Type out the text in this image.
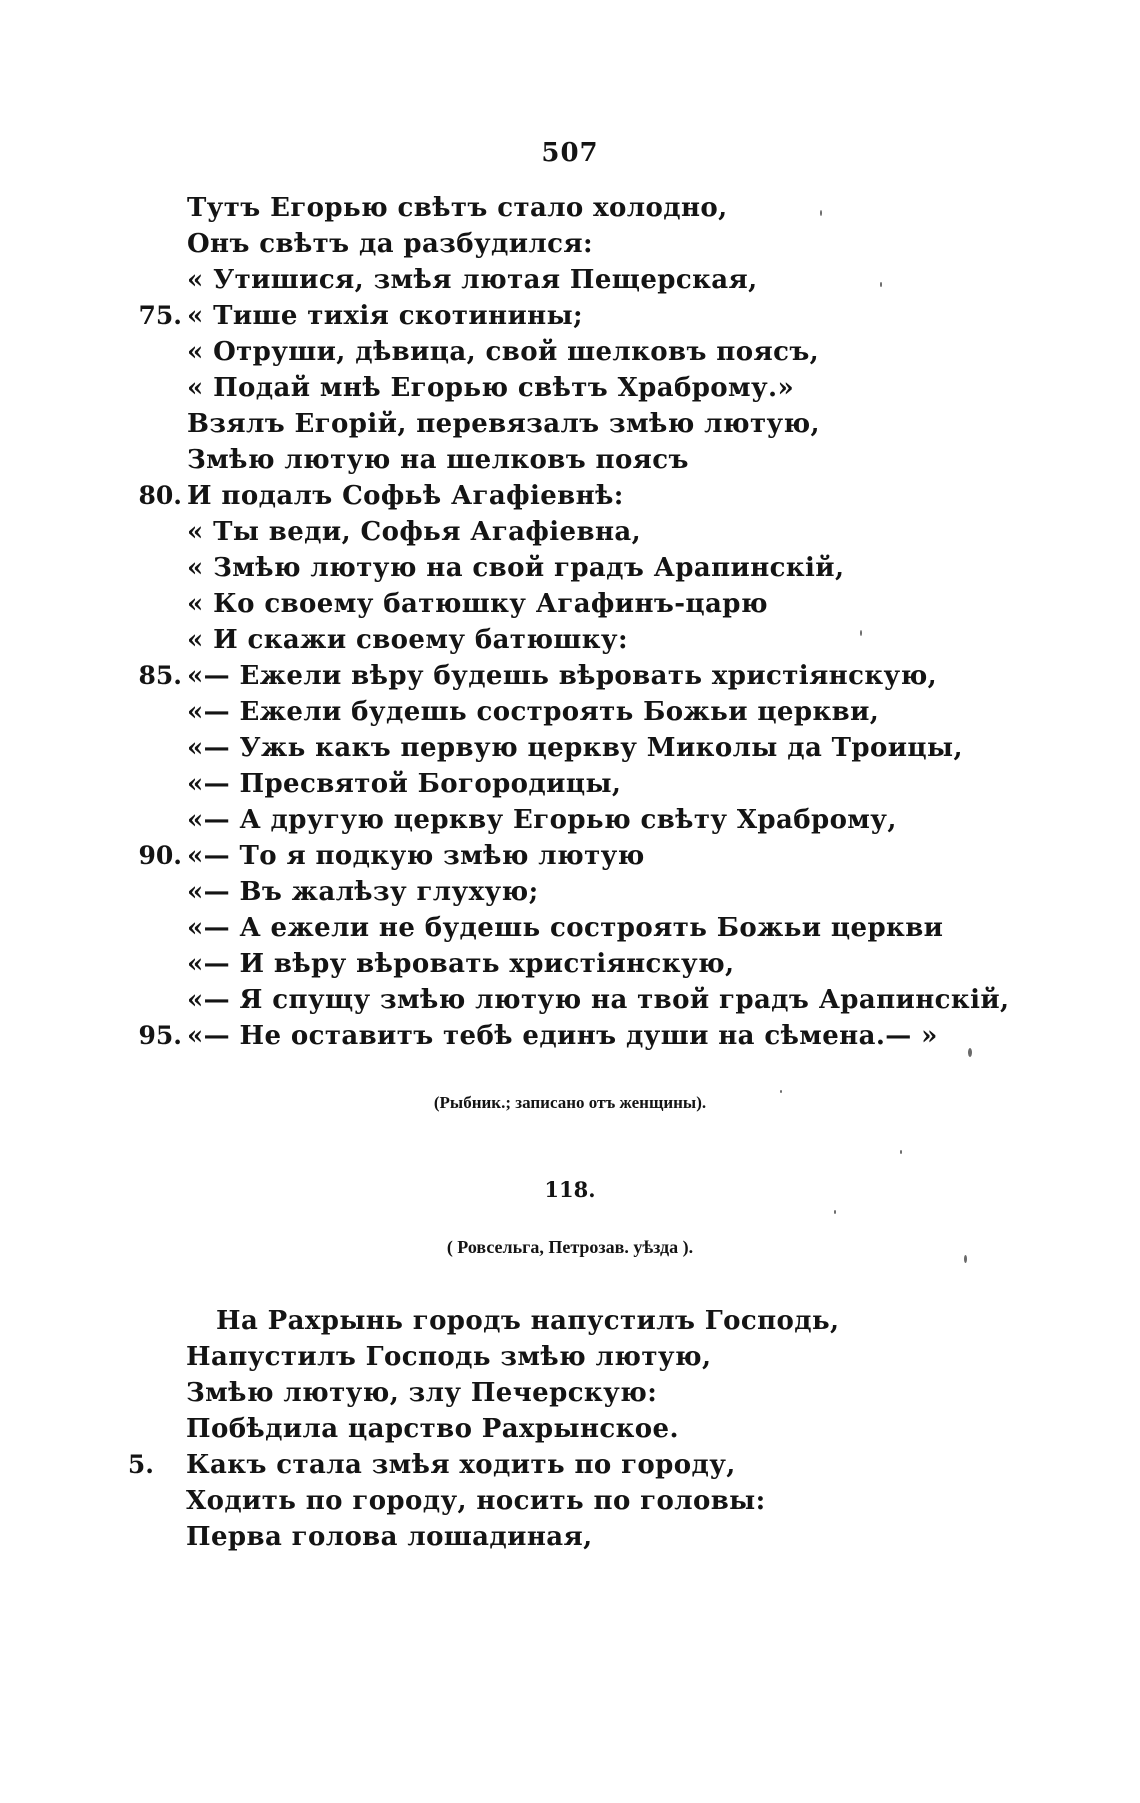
507
Тутъ Егорью свѣтъ стало холодно,
Онъ свѣтъ да разбудился:
« Утишися, змѣя лютая Пещерская,
75. « Тише тихія скотинины;
« Отруши, дѣвица, свой шелковъ поясъ,
« Подай мнѣ Егорью свѣтъ Храброму.»
Взялъ Егорій, перевязалъ змѣю лютую,
Змѣю лютую на шелковъ поясъ
80. И подалъ Софьѣ Агафіевнѣ:
« Ты веди, Софья Агафіевна,
« Змѣю лютую на свой градъ Арапинскій,
« Ко своему батюшку Агафинъ-царю
« И скажи своему батюшку:
85. «— Ежели вѣру будешь вѣровать христіянскую,
«— Ежели будешь состроять Божьи церкви,
«— Ужь какъ первую церкву Миколы да Троицы,
«— Пресвятой Богородицы,
«— А другую церкву Егорью свѣту Храброму,
90. «— То я подкую змѣю лютую
«— Въ жалѣзу глухую;
«— А ежели не будешь состроять Божьи церкви
«— И вѣру вѣровать христіянскую,
«— Я спущу змѣю лютую на твой градъ Арапинскій,
95. «— Не оставитъ тебѣ единъ души на сѣмена.— »
(Рыбник.; записано отъ женщины).
118.
( Ровсельга, Петрозав. уѣзда ).
На Рахрынь городъ напустилъ Господь,
Напустилъ Господь змѣю лютую,
Змѣю лютую, злу Печерскую:
Побѣдила царство Рахрынское.
5. Какъ стала змѣя ходить по городу,
Ходить по городу, носить по головы:
Перва голова лошадиная,
